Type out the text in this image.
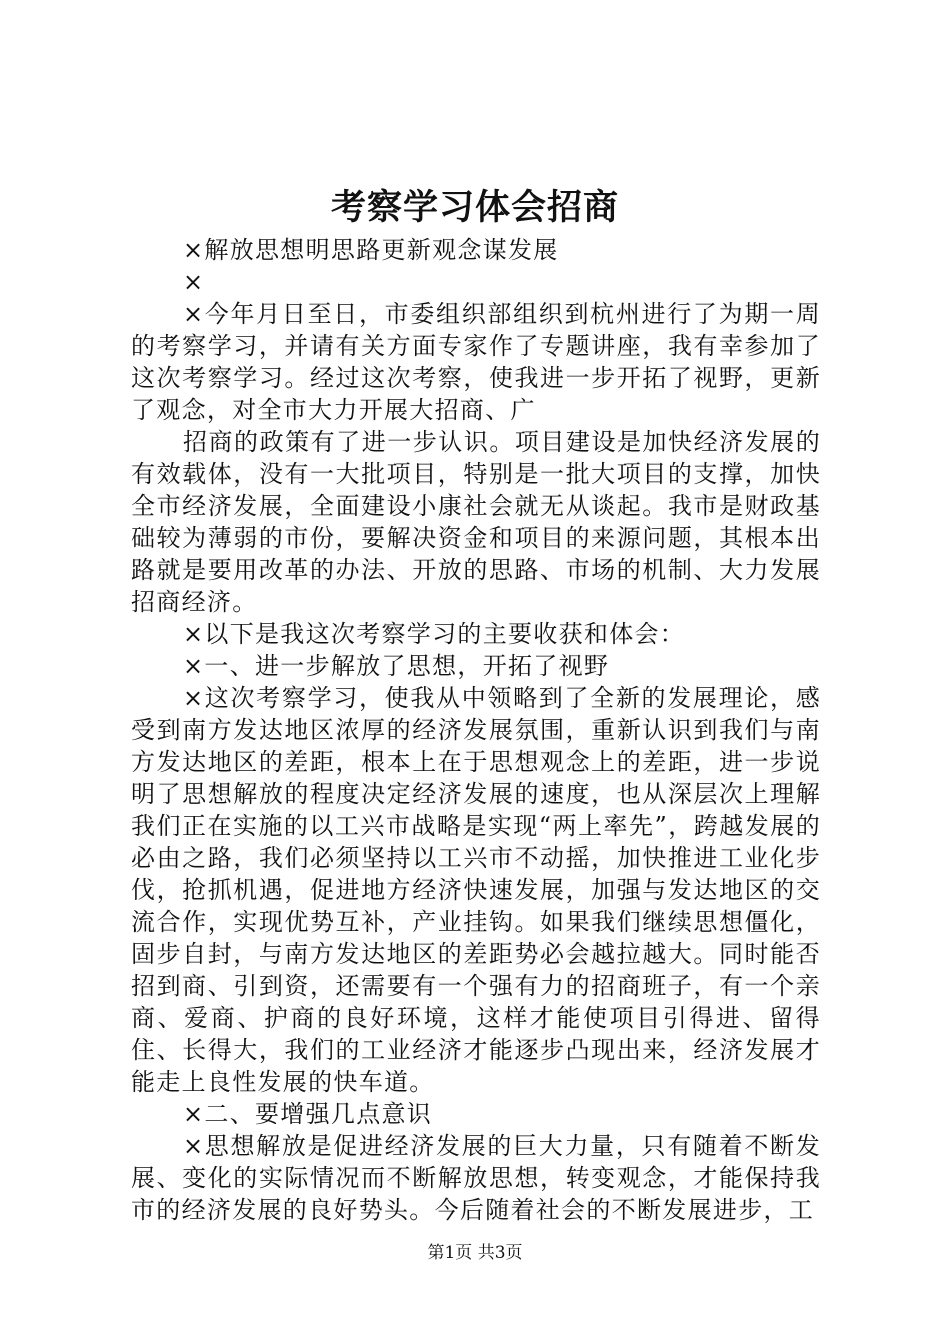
考察学习体会招商

×解放思想明思路更新观念谋发展

×

×今年月日至日，市委组织部组织到杭州进行了为期一周的考察学习，并请有关方面专家作了专题讲座，我有幸参加了这次考察学习。经过这次考察，使我进一步开拓了视野，更新了观念，对全市大力开展大招商、广

招商的政策有了进一步认识。项目建设是加快经济发展的有效载体，没有一大批项目，特别是一批大项目的支撑，加快全市经济发展，全面建设小康社会就无从谈起。我市是财政基础较为薄弱的市份，要解决资金和项目的来源问题，其根本出路就是要用改革的办法、开放的思路、市场的机制、大力发展招商经济。

×以下是我这次考察学习的主要收获和体会：

×一、进一步解放了思想，开拓了视野

×这次考察学习，使我从中领略到了全新的发展理论，感受到南方发达地区浓厚的经济发展氛围，重新认识到我们与南方发达地区的差距，根本上在于思想观念上的差距，进一步说明了思想解放的程度决定经济发展的速度，也从深层次上理解我们正在实施的以工兴市战略是实现“两上率先”，跨越发展的必由之路，我们必须坚持以工兴市不动摇，加快推进工业化步伐，抢抓机遇，促进地方经济快速发展，加强与发达地区的交流合作，实现优势互补，产业挂钩。如果我们继续思想僵化，固步自封，与南方发达地区的差距势必会越拉越大。同时能否招到商、引到资，还需要有一个强有力的招商班子，有一个亲商、爱商、护商的良好环境，这样才能使项目引得进、留得住、长得大，我们的工业经济才能逐步凸现出来，经济发展才能走上良性发展的快车道。

×二、要增强几点意识

×思想解放是促进经济发展的巨大力量，只有随着不断发展、变化的实际情况而不断解放思想，转变观念，才能保持我市的经济发展的良好势头。今后随着社会的不断发展进步，工

第1页 共3页
